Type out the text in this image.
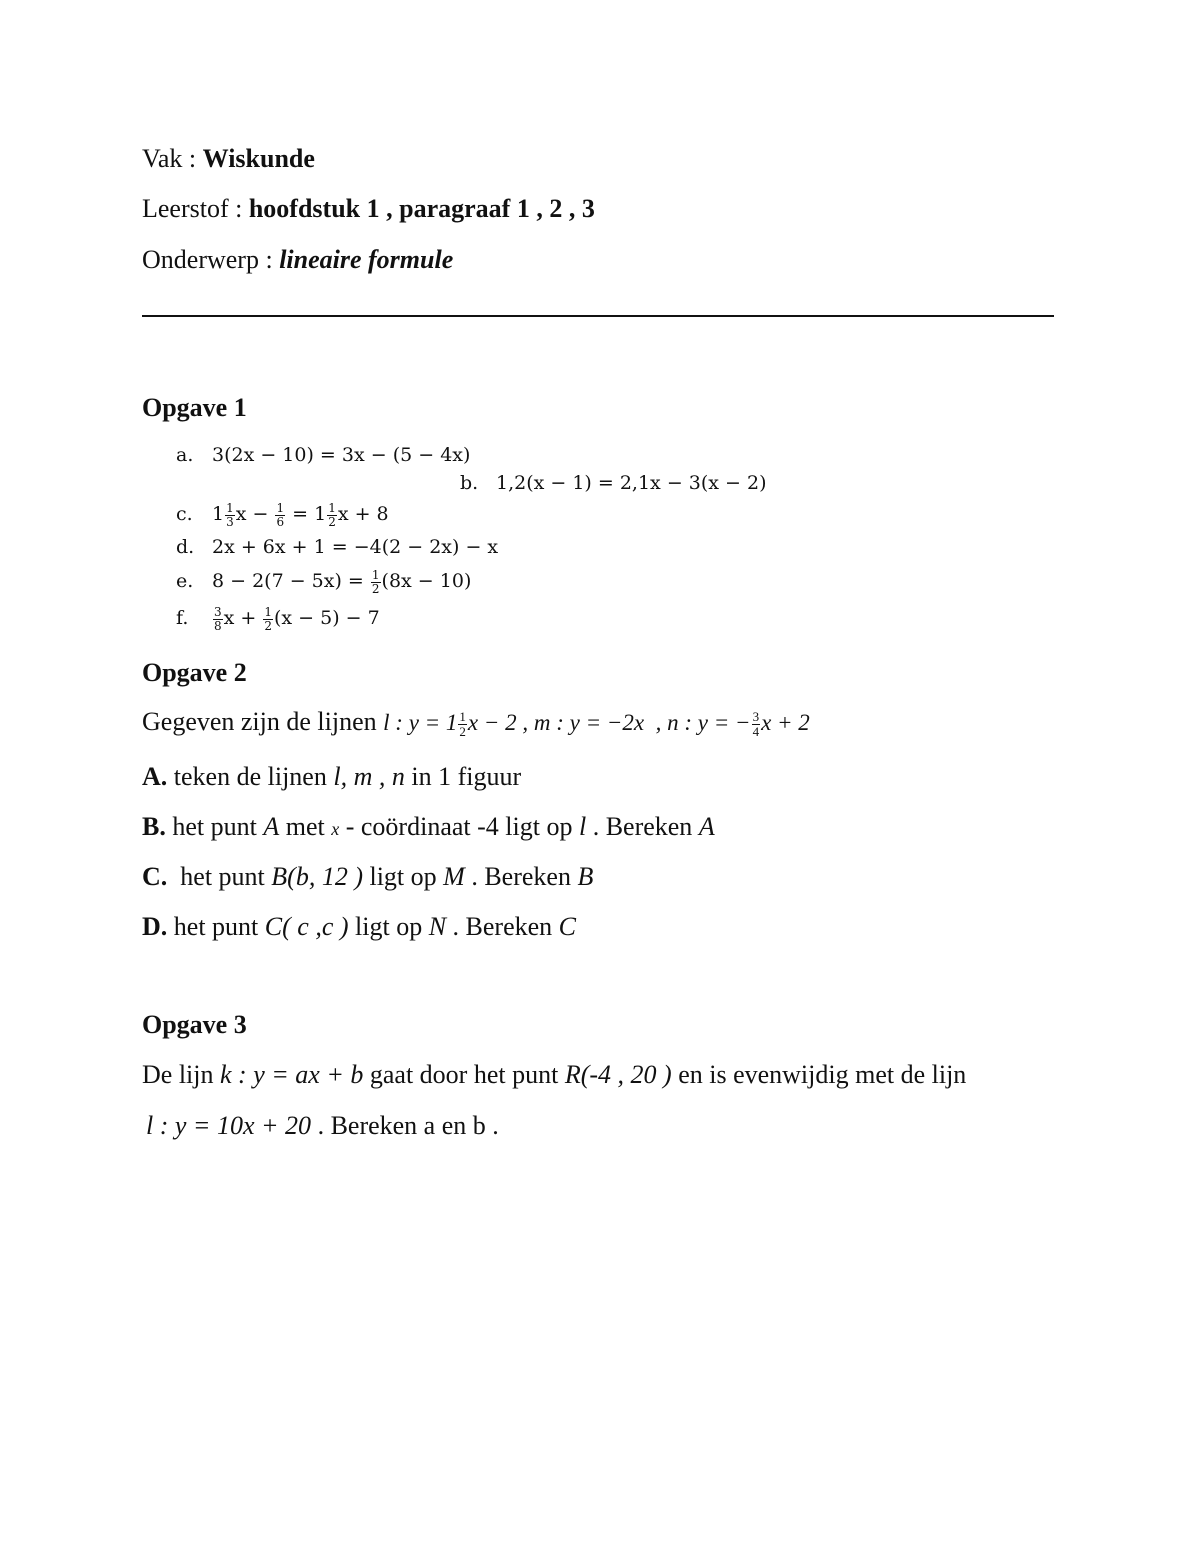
Vak : Wiskunde
Leerstof : hoofdstuk 1 , paragraaf 1 , 2 , 3
Onderwerp : lineaire formule
Opgave 1
a. 3(2x − 10) = 3x − (5 − 4x)
b. 1,2(x − 1) = 2,1x − 3(x − 2)
c. $1 \frac{1}{3}$ $x - \frac{1}{6} = 1 \frac{1}{2}$ x + 8
d. 2x + 6x + 1 = −4(2 − 2x) − x
e. $8 - 2(7 - 5x) = \frac{1}{2} (8x - 10)$
f. $\frac{3}{8}$ $x + \frac{1}{2} (x - 5) - 7$
Opgave 2
Gegeven zijn de lijnen l : $y = 1 \frac{1}{2}$ x − 2 , m : y = −2x  , n : y = − $\frac{3}{4}$ x + 2
A. teken de lijnen l, m , n in 1 figuur
B. het punt A met x - coördinaat -4 ligt op l . Bereken A
C.  het punt B(b, 12 ) ligt op M . Bereken B
D. het punt C( c ,c ) ligt op N . Bereken C
Opgave 3
De lijn k : y = ax + b gaat door het punt R(-4 , 20 ) en is evenwijdig met de lijn
l : y = 10x + 20 . Bereken a en b .
